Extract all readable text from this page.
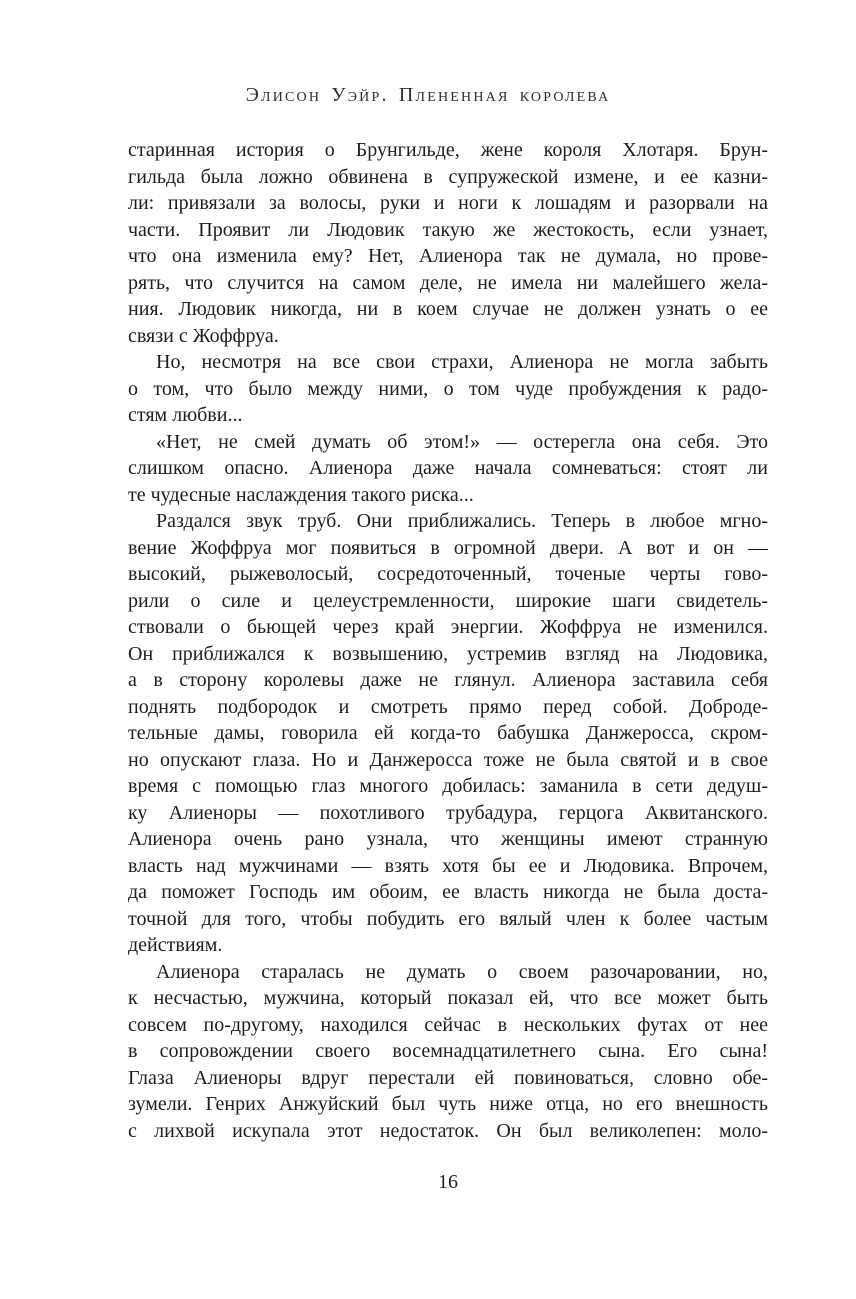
Элисон Уэйр. Плененная королева
старинная история о Брунгильде, жене короля Хлотаря. Брун-
гильда была ложно обвинена в супружеской измене, и ее казни-
ли: привязали за волосы, руки и ноги к лошадям и разорвали на
части. Проявит ли Людовик такую же жестокость, если узнает,
что она изменила ему? Нет, Алиенора так не думала, но прове-
рять, что случится на самом деле, не имела ни малейшего жела-
ния. Людовик никогда, ни в коем случае не должен узнать о ее
связи с Жоффруа.
Но, несмотря на все свои страхи, Алиенора не могла забыть
о том, что было между ними, о том чуде пробуждения к радо-
стям любви...
«Нет, не смей думать об этом!» — остерегла она себя. Это
слишком опасно. Алиенора даже начала сомневаться: стоят ли
те чудесные наслаждения такого риска...
Раздался звук труб. Они приближались. Теперь в любое мгно-
вение Жоффруа мог появиться в огромной двери. А вот и он —
высокий, рыжеволосый, сосредоточенный, точеные черты гово-
рили о силе и целеустремленности, широкие шаги свидетель-
ствовали о бьющей через край энергии. Жоффруа не изменился.
Он приближался к возвышению, устремив взгляд на Людовика,
а в сторону королевы даже не глянул. Алиенора заставила себя
поднять подбородок и смотреть прямо перед собой. Доброде-
тельные дамы, говорила ей когда-то бабушка Данжеросса, скром-
но опускают глаза. Но и Данжеросса тоже не была святой и в свое
время с помощью глаз многого добилась: заманила в сети дедуш-
ку Алиеноры — похотливого трубадура, герцога Аквитанского.
Алиенора очень рано узнала, что женщины имеют странную
власть над мужчинами — взять хотя бы ее и Людовика. Впрочем,
да поможет Господь им обоим, ее власть никогда не была доста-
точной для того, чтобы побудить его вялый член к более частым
действиям.
Алиенора старалась не думать о своем разочаровании, но,
к несчастью, мужчина, который показал ей, что все может быть
совсем по-другому, находился сейчас в нескольких футах от нее
в сопровождении своего восемнадцатилетнего сына. Его сына!
Глаза Алиеноры вдруг перестали ей повиноваться, словно обе-
зумели. Генрих Анжуйский был чуть ниже отца, но его внешность
с лихвой искупала этот недостаток. Он был великолепен: моло-
16
